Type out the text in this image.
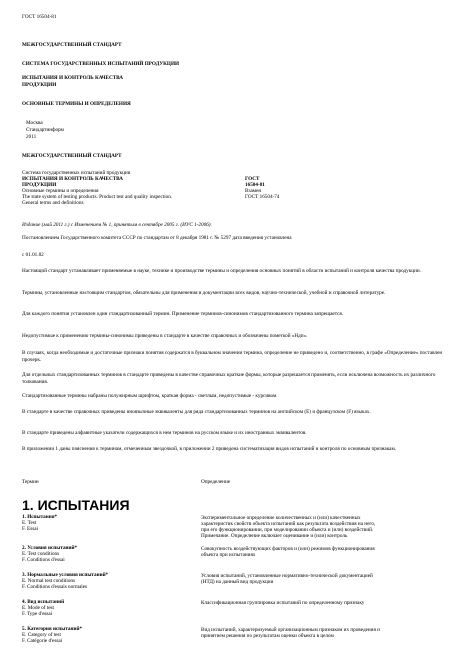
ГОСТ 16504-81
МЕЖГОСУДАРСТВЕННЫЙ СТАНДАРТ
СИСТЕМА ГОСУДАРСТВЕННЫХ ИСПЫТАНИЙ ПРОДУКЦИИ
ИСПЫТАНИЯ И КОНТРОЛЬ КАЧЕСТВА
ПРОДУКЦИИ
ОСНОВНЫЕ ТЕРМИНЫ И ОПРЕДЕЛЕНИЯ
Москва
Стандартинформ
2011
МЕЖГОСУДАРСТВЕННЫЙ СТАНДАРТ
Система государственных испытаний продукции
ИСПЫТАНИЯ И КОНТРОЛЬ КАЧЕСТВА
ПРОДУКЦИИ
Основные термины и определения
The state system of testing products. Product test and quality inspection.
General terms and definitions
ГОСТ
16504-81
Взамен
ГОСТ 16504-74
Издание (май 2011 г.) с Изменением № 1, принятым в сентябре 2005 г. (ИУС 1-2006).
Постановлением Государственного комитета СССР по стандартам от 8 декабря 1981 г. № 5297 дата введения установлена
с 01.01.82
Настоящий стандарт устанавливает применяемые в науке, технике и производстве термины и определения основных понятий в области испытаний и контроля качества продукции.
Термины, установленные настоящим стандартом, обязательны для применения в документации всех видов, научно-технической, учебной и справочной литературе.
Для каждого понятия установлен один стандартизованный термин. Применение терминов-синонимов стандартизованного термина запрещается.
Недопустимые к применению термины-синонимы приведены в стандарте в качестве справочных и обозначены пометкой «Ндп».
В случаях, когда необходимые и достаточные признаки понятия содержатся в буквальном значении термина, определение не приведено и, соответственно, в графе «Определение» поставлен прочерк.
Для отдельных стандартизованных терминов в стандарте приведены в качестве справочных краткие формы, которые разрешается применять, если исключена возможность их различного толкования.
Стандартизованные термины набраны полужирным шрифтом, краткая форма - светлым, недопустимые - курсивом.
В стандарте в качестве справочных приведены иноязычные эквиваленты для ряда стандартизованных терминов на английском (E) и французском (F) языках.
В стандарте приведены алфавитные указатели содержащихся в нем терминов на русском языке и их иностранных эквивалентов.
В приложении 1 даны пояснения к терминам, отмеченным звездочкой, в приложении 2 приведена систематизация видов испытаний и контроля по основным признакам.
Термин	Определение
1. ИСПЫТАНИЯ
1. Испытания*
E. Test
F. Essai
Экспериментальное определение количественных и (или) качественных
характеристик свойств объекта испытаний как результата воздействия на него,
при его функционировании, при моделировании объекта и (или) воздействий.
Примечание. Определение включает оценивание и (или) контроль
2. Условия испытаний*
E. Test conditions
F. Conditions d'essai
Совокупность воздействующих факторов и (или) режимов функционирования
объекта при испытаниях
3. Нормальные условия испытаний*
E. Normal test conditions
F. Conditions d'essais normales
Условия испытаний, установленные нормативно-технической документацией
(НТД) на данный вид продукции
4. Вид испытаний
E. Mode of test
F. Type d'essai
Классификационная группировка испытаний по определенному признаку
5. Категория испытаний*
E. Category of test
F. Catégorie d'essai
Вид испытаний, характеризуемый организационным признаком их проведения и
принятием решения по результатам оценки объекта в целом
